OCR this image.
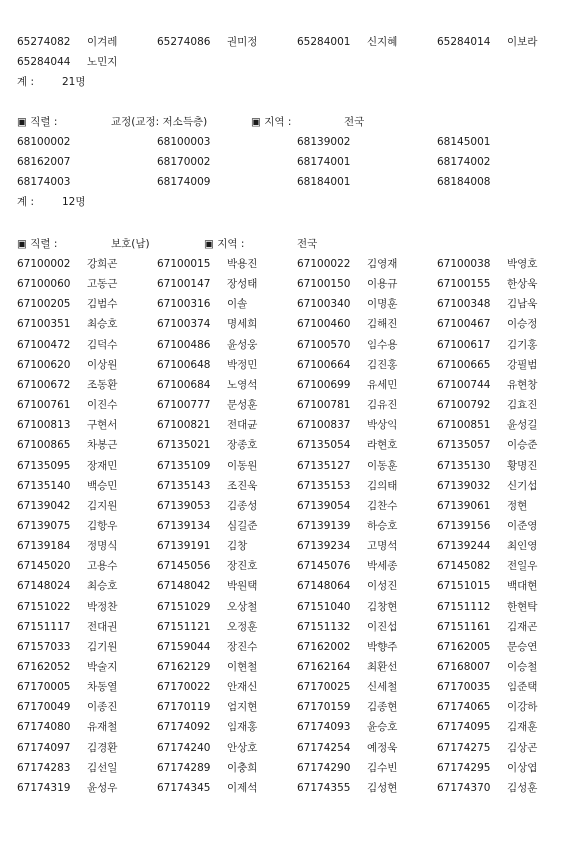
65274082 이겨레	65274086 권미정	65284001 신지혜	65284014 이보라
65284044 노민지
계 :	21명
▣ 직렬 :	교정(교정: 저소득층)	▣ 지역 :	전국
68100002	68100003	68139002	68145001
68162007	68170002	68174001	68174002
68174003	68174009	68184001	68184008
계 :	12명
▣ 직렬 :	보호(남)	▣ 지역 :	전국
67100002 강희곤	67100015 박용진	67100022 김영재	67100038 박영호
67100060 고동근	67100147 장성태	67100150 이용규	67100155 한상욱
67100205 김범수	67100316 이솔	67100340 이명훈	67100348 김남욱
67100351 최승호	67100374 명세희	67100460 김해진	67100467 이승정
67100472 김덕수	67100486 윤성웅	67100570 임수용	67100617 김기홍
67100620 이상원	67100648 박정민	67100664 김진홍	67100665 강필범
67100672 조동환	67100684 노영석	67100699 유세민	67100744 유현창
67100761 이진수	67100777 문성훈	67100781 김유진	67100792 김효진
67100813 구현서	67100821 전대균	67100837 박상익	67100851 윤성길
67100865 차봉근	67135021 장종호	67135054 라현호	67135057 이승준
67135095 장재민	67135109 이동원	67135127 이동훈	67135130 황명진
67135140 백승민	67135143 조진욱	67135153 김의태	67139032 신기섭
67139042 김지원	67139053 김종성	67139054 김찬수	67139061 정현
67139075 김항우	67139134 심길준	67139139 하승호	67139156 이준영
67139184 정명식	67139191 김창	67139234 고명석	67139244 최인영
67145020 고용수	67145056 장진호	67145076 박세종	67145082 전일우
67148024 최승호	67148042 박원택	67148064 이성진	67151015 백대현
67151022 박정찬	67151029 오상철	67151040 김창현	67151112 한현탁
67151117 전대권	67151121 오정훈	67151132 이진섭	67151161 김재곤
67157033 김기원	67159044 장진수	67162002 박향주	67162005 문승연
67162052 박술지	67162129 이현철	67162164 최환선	67168007 이승철
67170005 차동열	67170022 안재신	67170025 신세철	67170035 임준택
67170049 이종진	67170119 엄지현	67170159 김종현	67174065 이강하
67174080 유재철	67174092 임재홍	67174093 윤승호	67174095 김재훈
67174097 김경환	67174240 안상호	67174254 예정욱	67174275 김상곤
67174283 김선일	67174289 이충희	67174290 김수빈	67174295 이상엽
67174319 윤성우	67174345 이제석	67174355 김성현	67174370 김성훈
